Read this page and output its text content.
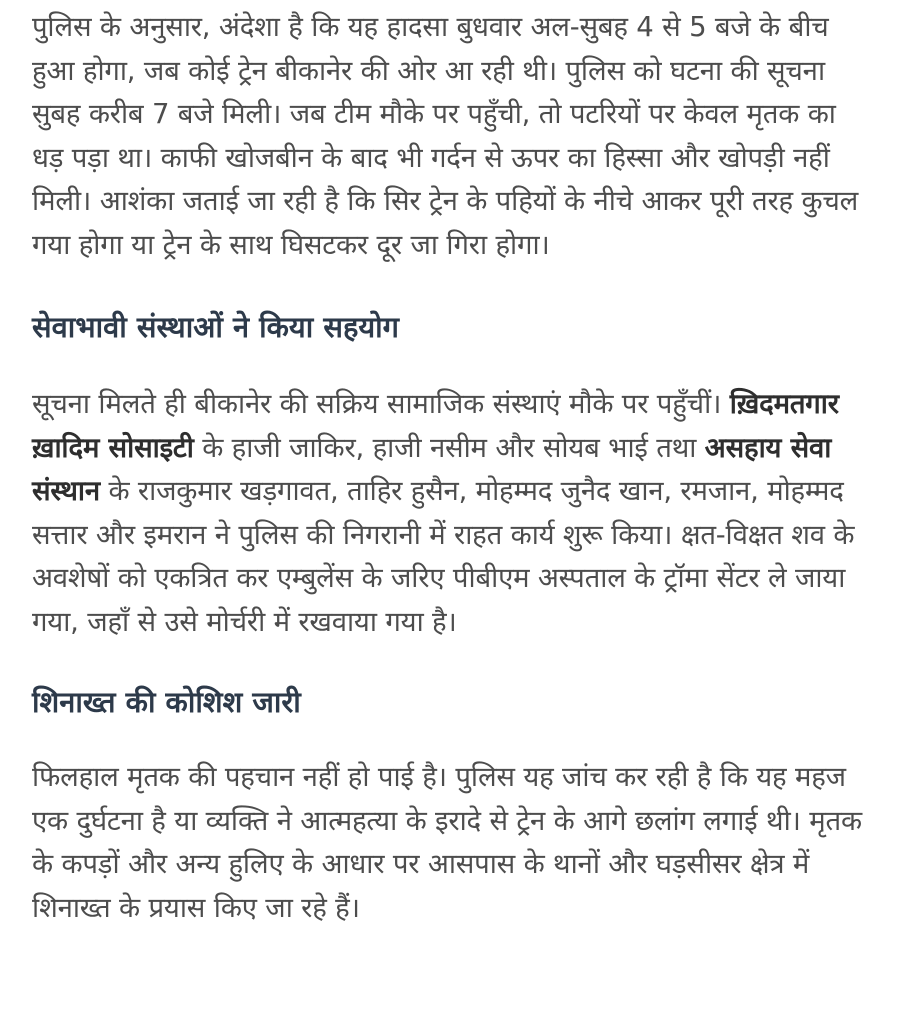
पुलिस के अनुसार, अंदेशा है कि यह हादसा बुधवार अल-सुबह 4 से 5 बजे के बीच हुआ होगा, जब कोई ट्रेन बीकानेर की ओर आ रही थी। पुलिस को घटना की सूचना सुबह करीब 7 बजे मिली। जब टीम मौके पर पहुँची, तो पटरियों पर केवल मृतक का धड़ पड़ा था। काफी खोजबीन के बाद भी गर्दन से ऊपर का हिस्सा और खोपड़ी नहीं मिली। आशंका जताई जा रही है कि सिर ट्रेन के पहियों के नीचे आकर पूरी तरह कुचल गया होगा या ट्रेन के साथ घिसटकर दूर जा गिरा होगा।

सेवाभावी संस्थाओं ने किया सहयोग

सूचना मिलते ही बीकानेर की सक्रिय सामाजिक संस्थाएं मौके पर पहुँचीं। ख़िदमतगार ख़ादिम सोसाइटी के हाजी जाकिर, हाजी नसीम और सोयब भाई तथा असहाय सेवा संस्थान के राजकुमार खड़गावत, ताहिर हुसैन, मोहम्मद जुनैद खान, रमजान, मोहम्मद सत्तार और इमरान ने पुलिस की निगरानी में राहत कार्य शुरू किया। क्षत-विक्षत शव के अवशेषों को एकत्रित कर एम्बुलेंस के जरिए पीबीएम अस्पताल के ट्रॉमा सेंटर ले जाया गया, जहाँ से उसे मोर्चरी में रखवाया गया है।

शिनाख्त की कोशिश जारी

फिलहाल मृतक की पहचान नहीं हो पाई है। पुलिस यह जांच कर रही है कि यह महज एक दुर्घटना है या व्यक्ति ने आत्महत्या के इरादे से ट्रेन के आगे छलांग लगाई थी। मृतक के कपड़ों और अन्य हुलिए के आधार पर आसपास के थानों और घड़सीसर क्षेत्र में शिनाख्त के प्रयास किए जा रहे हैं।
